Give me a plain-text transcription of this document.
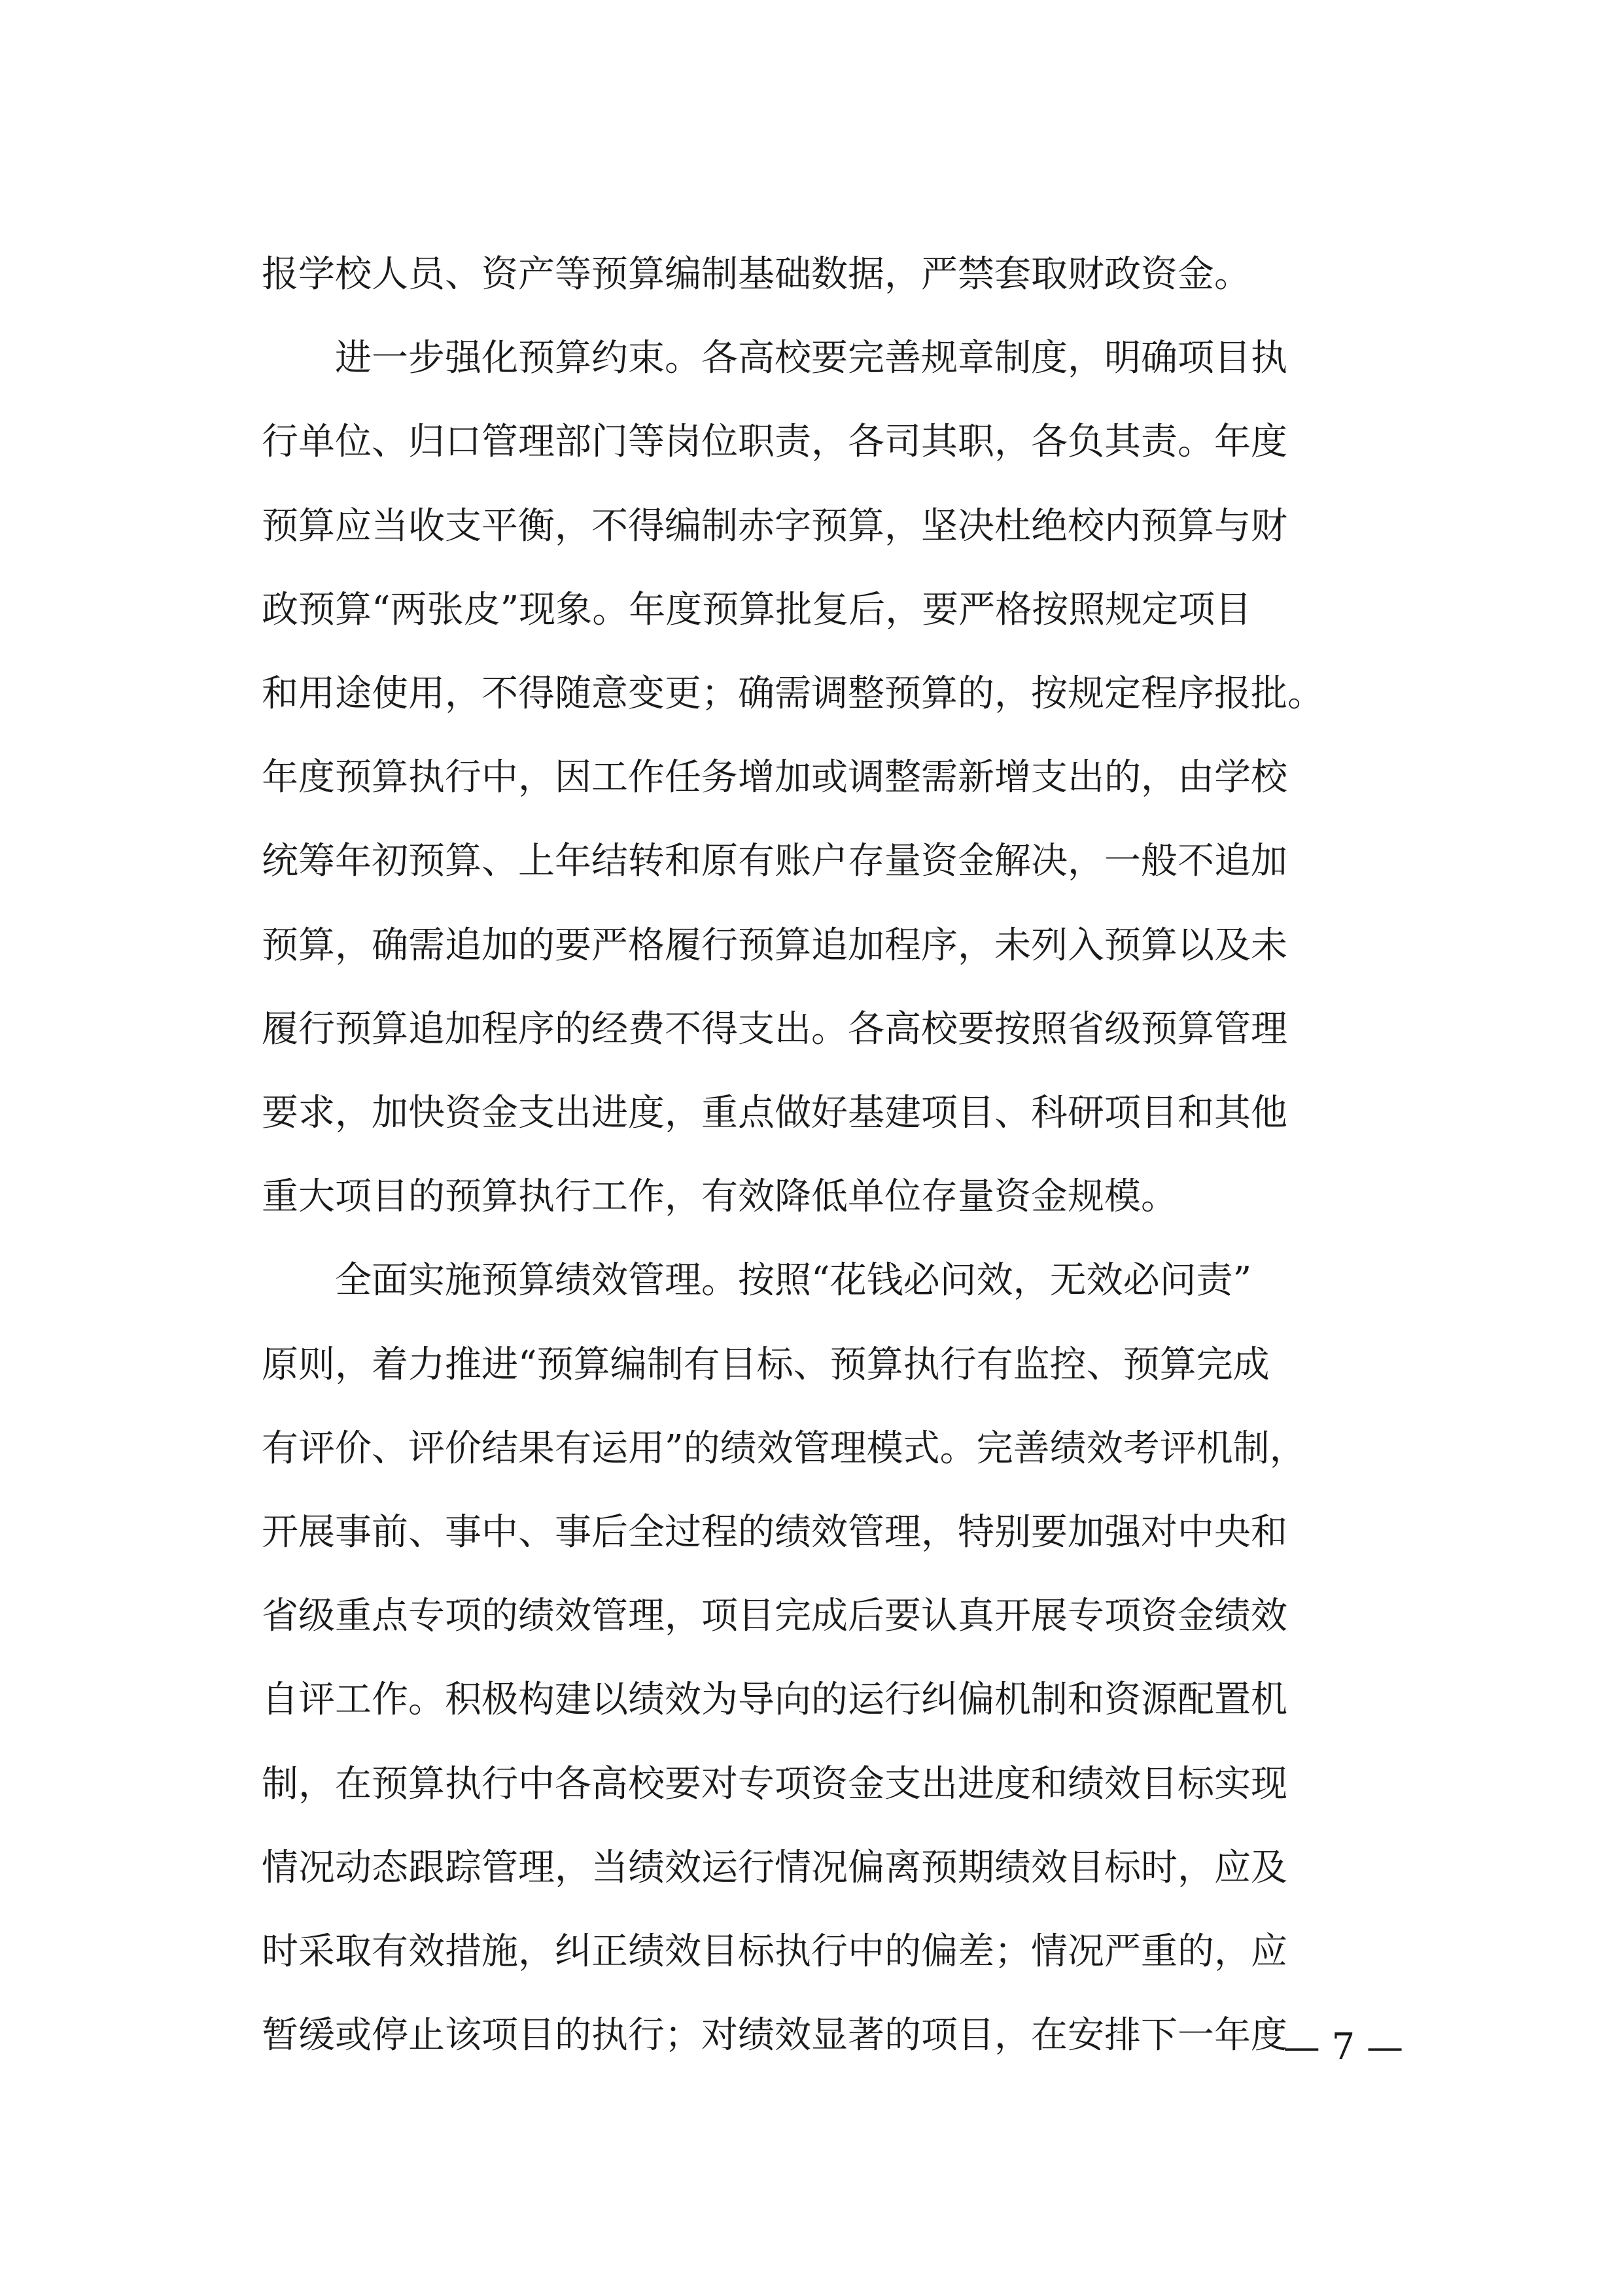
报学校人员、资产等预算编制基础数据，严禁套取财政资金。
　　进一步强化预算约束。各高校要完善规章制度，明确项目执
行单位、归口管理部门等岗位职责，各司其职，各负其责。年度
预算应当收支平衡，不得编制赤字预算，坚决杜绝校内预算与财
政预算“两张皮”现象。年度预算批复后，要严格按照规定项目
和用途使用，不得随意变更；确需调整预算的，按规定程序报批。
年度预算执行中，因工作任务增加或调整需新增支出的，由学校
统筹年初预算、上年结转和原有账户存量资金解决，一般不追加
预算，确需追加的要严格履行预算追加程序，未列入预算以及未
履行预算追加程序的经费不得支出。各高校要按照省级预算管理
要求，加快资金支出进度，重点做好基建项目、科研项目和其他
重大项目的预算执行工作，有效降低单位存量资金规模。
　　全面实施预算绩效管理。按照“花钱必问效，无效必问责”
原则，着力推进“预算编制有目标、预算执行有监控、预算完成
有评价、评价结果有运用”的绩效管理模式。完善绩效考评机制，
开展事前、事中、事后全过程的绩效管理，特别要加强对中央和
省级重点专项的绩效管理，项目完成后要认真开展专项资金绩效
自评工作。积极构建以绩效为导向的运行纠偏机制和资源配置机
制，在预算执行中各高校要对专项资金支出进度和绩效目标实现
情况动态跟踪管理，当绩效运行情况偏离预期绩效目标时，应及
时采取有效措施，纠正绩效目标执行中的偏差；情况严重的，应
暂缓或停止该项目的执行；对绩效显著的项目，在安排下一年度
— 7 —
